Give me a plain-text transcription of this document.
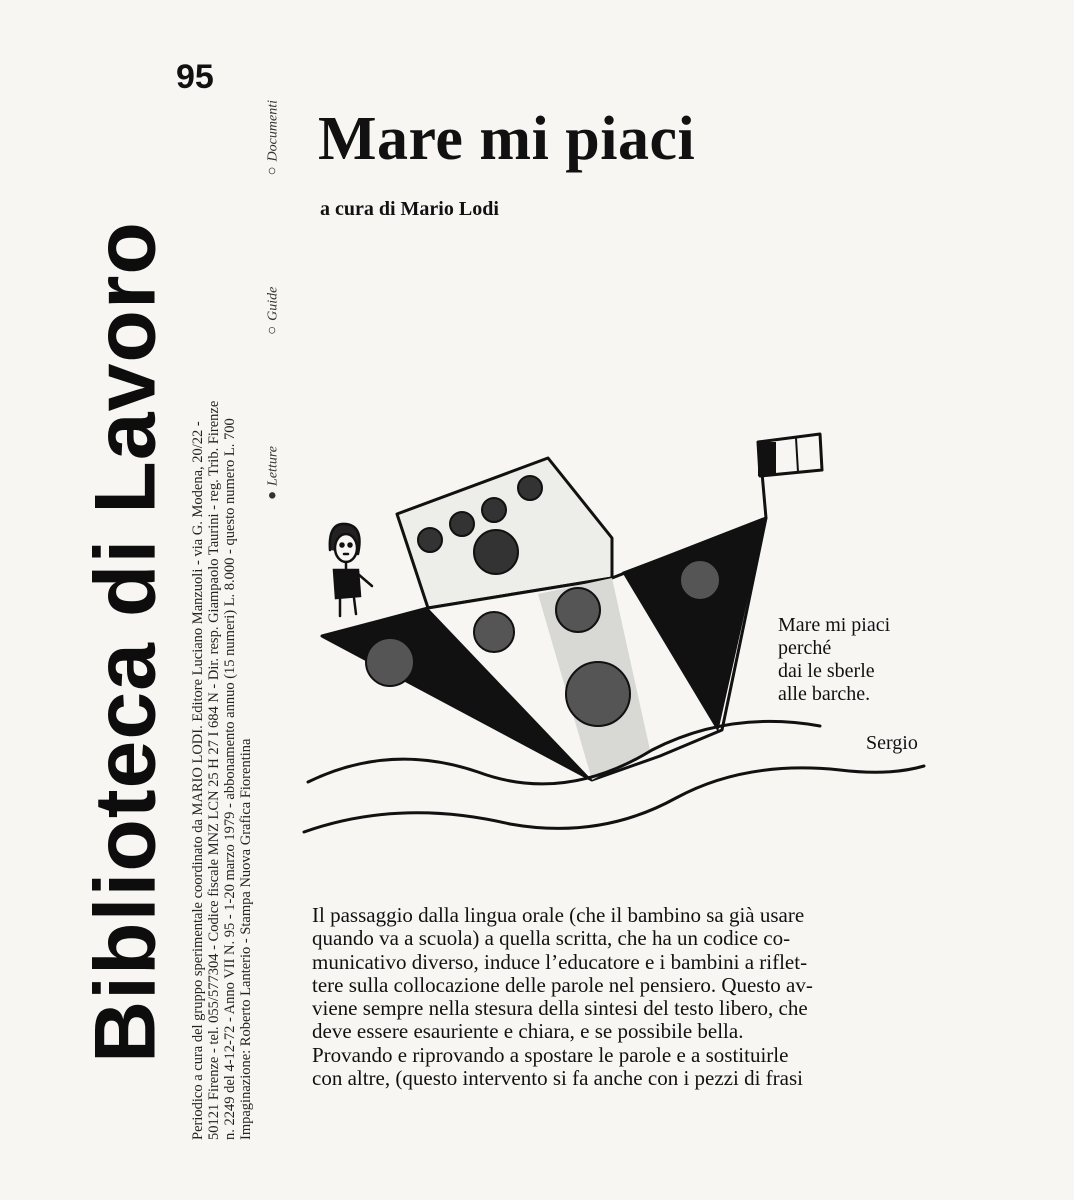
95
Biblioteca di Lavoro Periodico a cura del gruppo sperimentale coordinato da MARIO LODI. Editore Luciano Manzuoli - via G. Modena, 20/22 - 50121 Firenze - tel. 055/577304 - Codice fiscale MNZ LCN 25 H 27 I 684 N - Dir. resp. Giampaolo Taurini - reg. Trib. Firenze n. 2249 del 4-12-72 - Anno VII N. 95 - 1-20 marzo 1979 - abbonamento annuo (15 numeri) L. 8.000 - questo numero L. 700 Impaginazione: Roberto Lanterio - Stampa Nuova Grafica Fiorentina
●
Letture
○
Guide
○
Documenti Mare mi piaci
a cura di Mario Lodi
Mare mi piaci
perché
dai le sberle
alle barche.
Sergio
Il passaggio dalla lingua orale (che il bambino sa già usare
quando va a scuola) a quella scritta, che ha un codice co-
municativo diverso, induce l’educatore e i bambini a riflet-
tere sulla collocazione delle parole nel pensiero. Questo av-
viene sempre nella stesura della sintesi del testo libero, che
deve essere esauriente e chiara, e se possibile bella.
Provando e riprovando a spostare le parole e a sostituirle
con altre, (questo intervento si fa anche con i pezzi di frasi
